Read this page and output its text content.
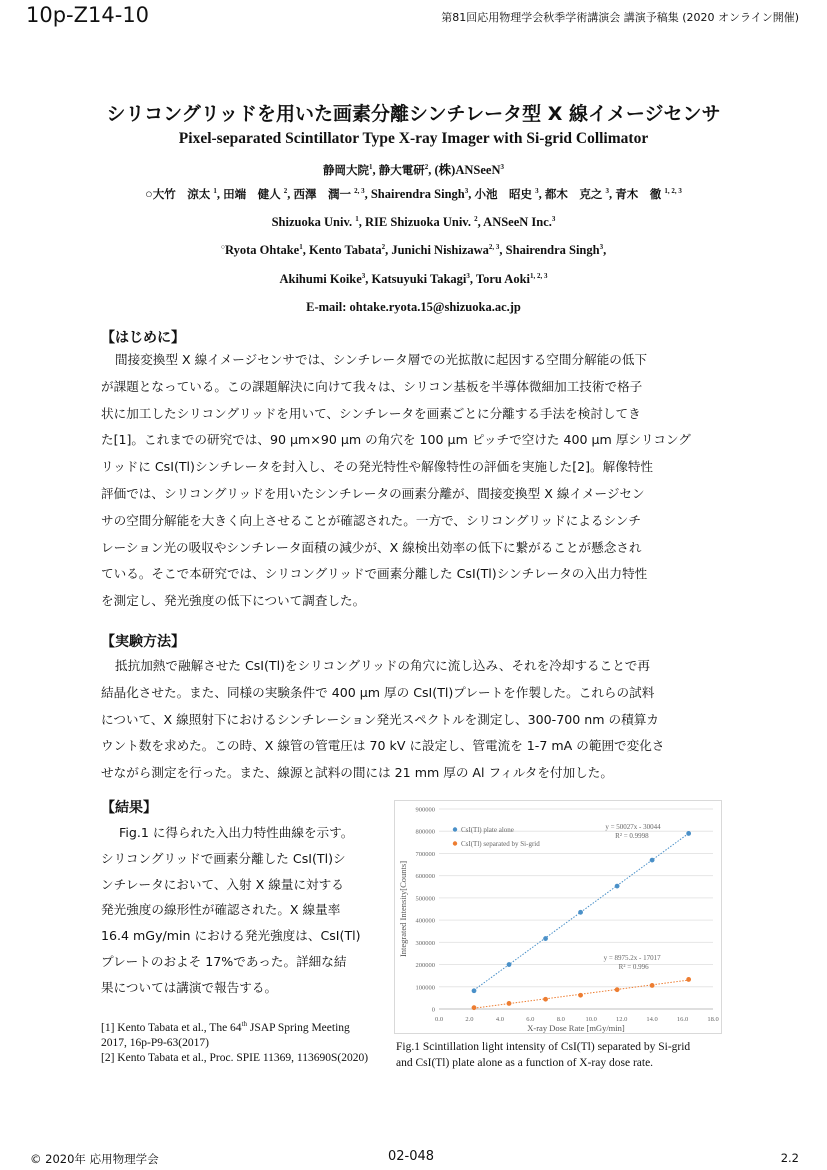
10p-Z14-10	第81回応用物理学会秋季学術講演会 講演予稿集 (2020 オンライン開催)
シリコングリッドを用いた画素分離シンチレータ型 X 線イメージセンサ
Pixel-separated Scintillator Type X-ray Imager with Si-grid Collimator
静岡大院$^1$, 静大電研$^2$, (株)ANSeeN$^3$
○大竹　涼太 $^1$, 田端　健人 $^2$, 西澤　潤一 $^{2, 3}$, Shairendra Singh$^3$, 小池　昭史 $^3$, 都木　克之 $^3$, 青木　徹 $^{1, 2, 3}$
Shizuoka Univ. $^1$, RIE Shizuoka Univ. $^2$, ANSeeN Inc.$^3$
○Ryota Ohtake$^1$, Kento Tabata$^2$, Junichi Nishizawa$^{2, 3}$, Shairendra Singh$^3$,
Akihumi Koike$^3$, Katsuyuki Takagi$^3$, Toru Aoki$^{1, 2, 3}$
E-mail: ohtake.ryota.15@shizuoka.ac.jp
【はじめに】
間接変換型 X 線イメージセンサでは、シンチレータ層での光拡散に起因する空間分解能の低下
が課題となっている。この課題解決に向けて我々は、シリコン基板を半導体微細加工技術で格子
状に加工したシリコングリッドを用いて、シンチレータを画素ごとに分離する手法を検討してき
た[1]。これまでの研究では、90 µm×90 µm の角穴を 100 µm ピッチで空けた 400 µm 厚シリコング
リッドに CsI(Tl)シンチレータを封入し、その発光特性や解像特性の評価を実施した[2]。解像特性
評価では、シリコングリッドを用いたシンチレータの画素分離が、間接変換型 X 線イメージセン
サの空間分解能を大きく向上させることが確認された。一方で、シリコングリッドによるシンチ
レーション光の吸収やシンチレータ面積の減少が、X 線検出効率の低下に繋がることが懸念され
ている。そこで本研究では、シリコングリッドで画素分離した CsI(Tl)シンチレータの入出力特性
を測定し、発光強度の低下について調査した。
【実験方法】
抵抗加熱で融解させた CsI(Tl)をシリコングリッドの角穴に流し込み、それを冷却することで再
結晶化させた。また、同様の実験条件で 400 µm 厚の CsI(Tl)プレートを作製した。これらの試料
について、X 線照射下におけるシンチレーション発光スペクトルを測定し、300-700 nm の積算カ
ウント数を求めた。この時、X 線管の管電圧は 70 kV に設定し、管電流を 1-7 mA の範囲で変化さ
せながら測定を行った。また、線源と試料の間には 21 mm 厚の Al フィルタを付加した。
【結果】
Fig.1 に得られた入出力特性曲線を示す。
シリコングリッドで画素分離した CsI(Tl)シ
ンチレータにおいて、入射 X 線量に対する
発光強度の線形性が確認された。X 線量率
16.4 mGy/min における発光強度は、CsI(Tl)
プレートのおよそ 17%であった。詳細な結
果については講演で報告する。
[1] Kento Tabata et al., The 64th JSAP Spring Meeting
2017, 16p-P9-63(2017)
[2] Kento Tabata et al., Proc. SPIE 11369, 113690S(2020)
0
100000
200000
300000
400000
500000
600000
700000
800000
900000
0.0	2.0	4.0	6.0	8.0	10.0	12.0	14.0	16.0	18.0
X-ray Dose Rate [mGy/min]
Integrated Intensity[Counts]
CsI(Tl) plate alone
CsI(Tl) separated by Si-grid
y = 50027x - 30044
R² = 0.9998
y = 8975.2x - 17017
R² = 0.996
Fig.1 Scintillation light intensity of CsI(Tl) separated by Si-grid
and CsI(Tl) plate alone as a function of X-ray dose rate.
© 2020年 応用物理学会	02-048	2.2
